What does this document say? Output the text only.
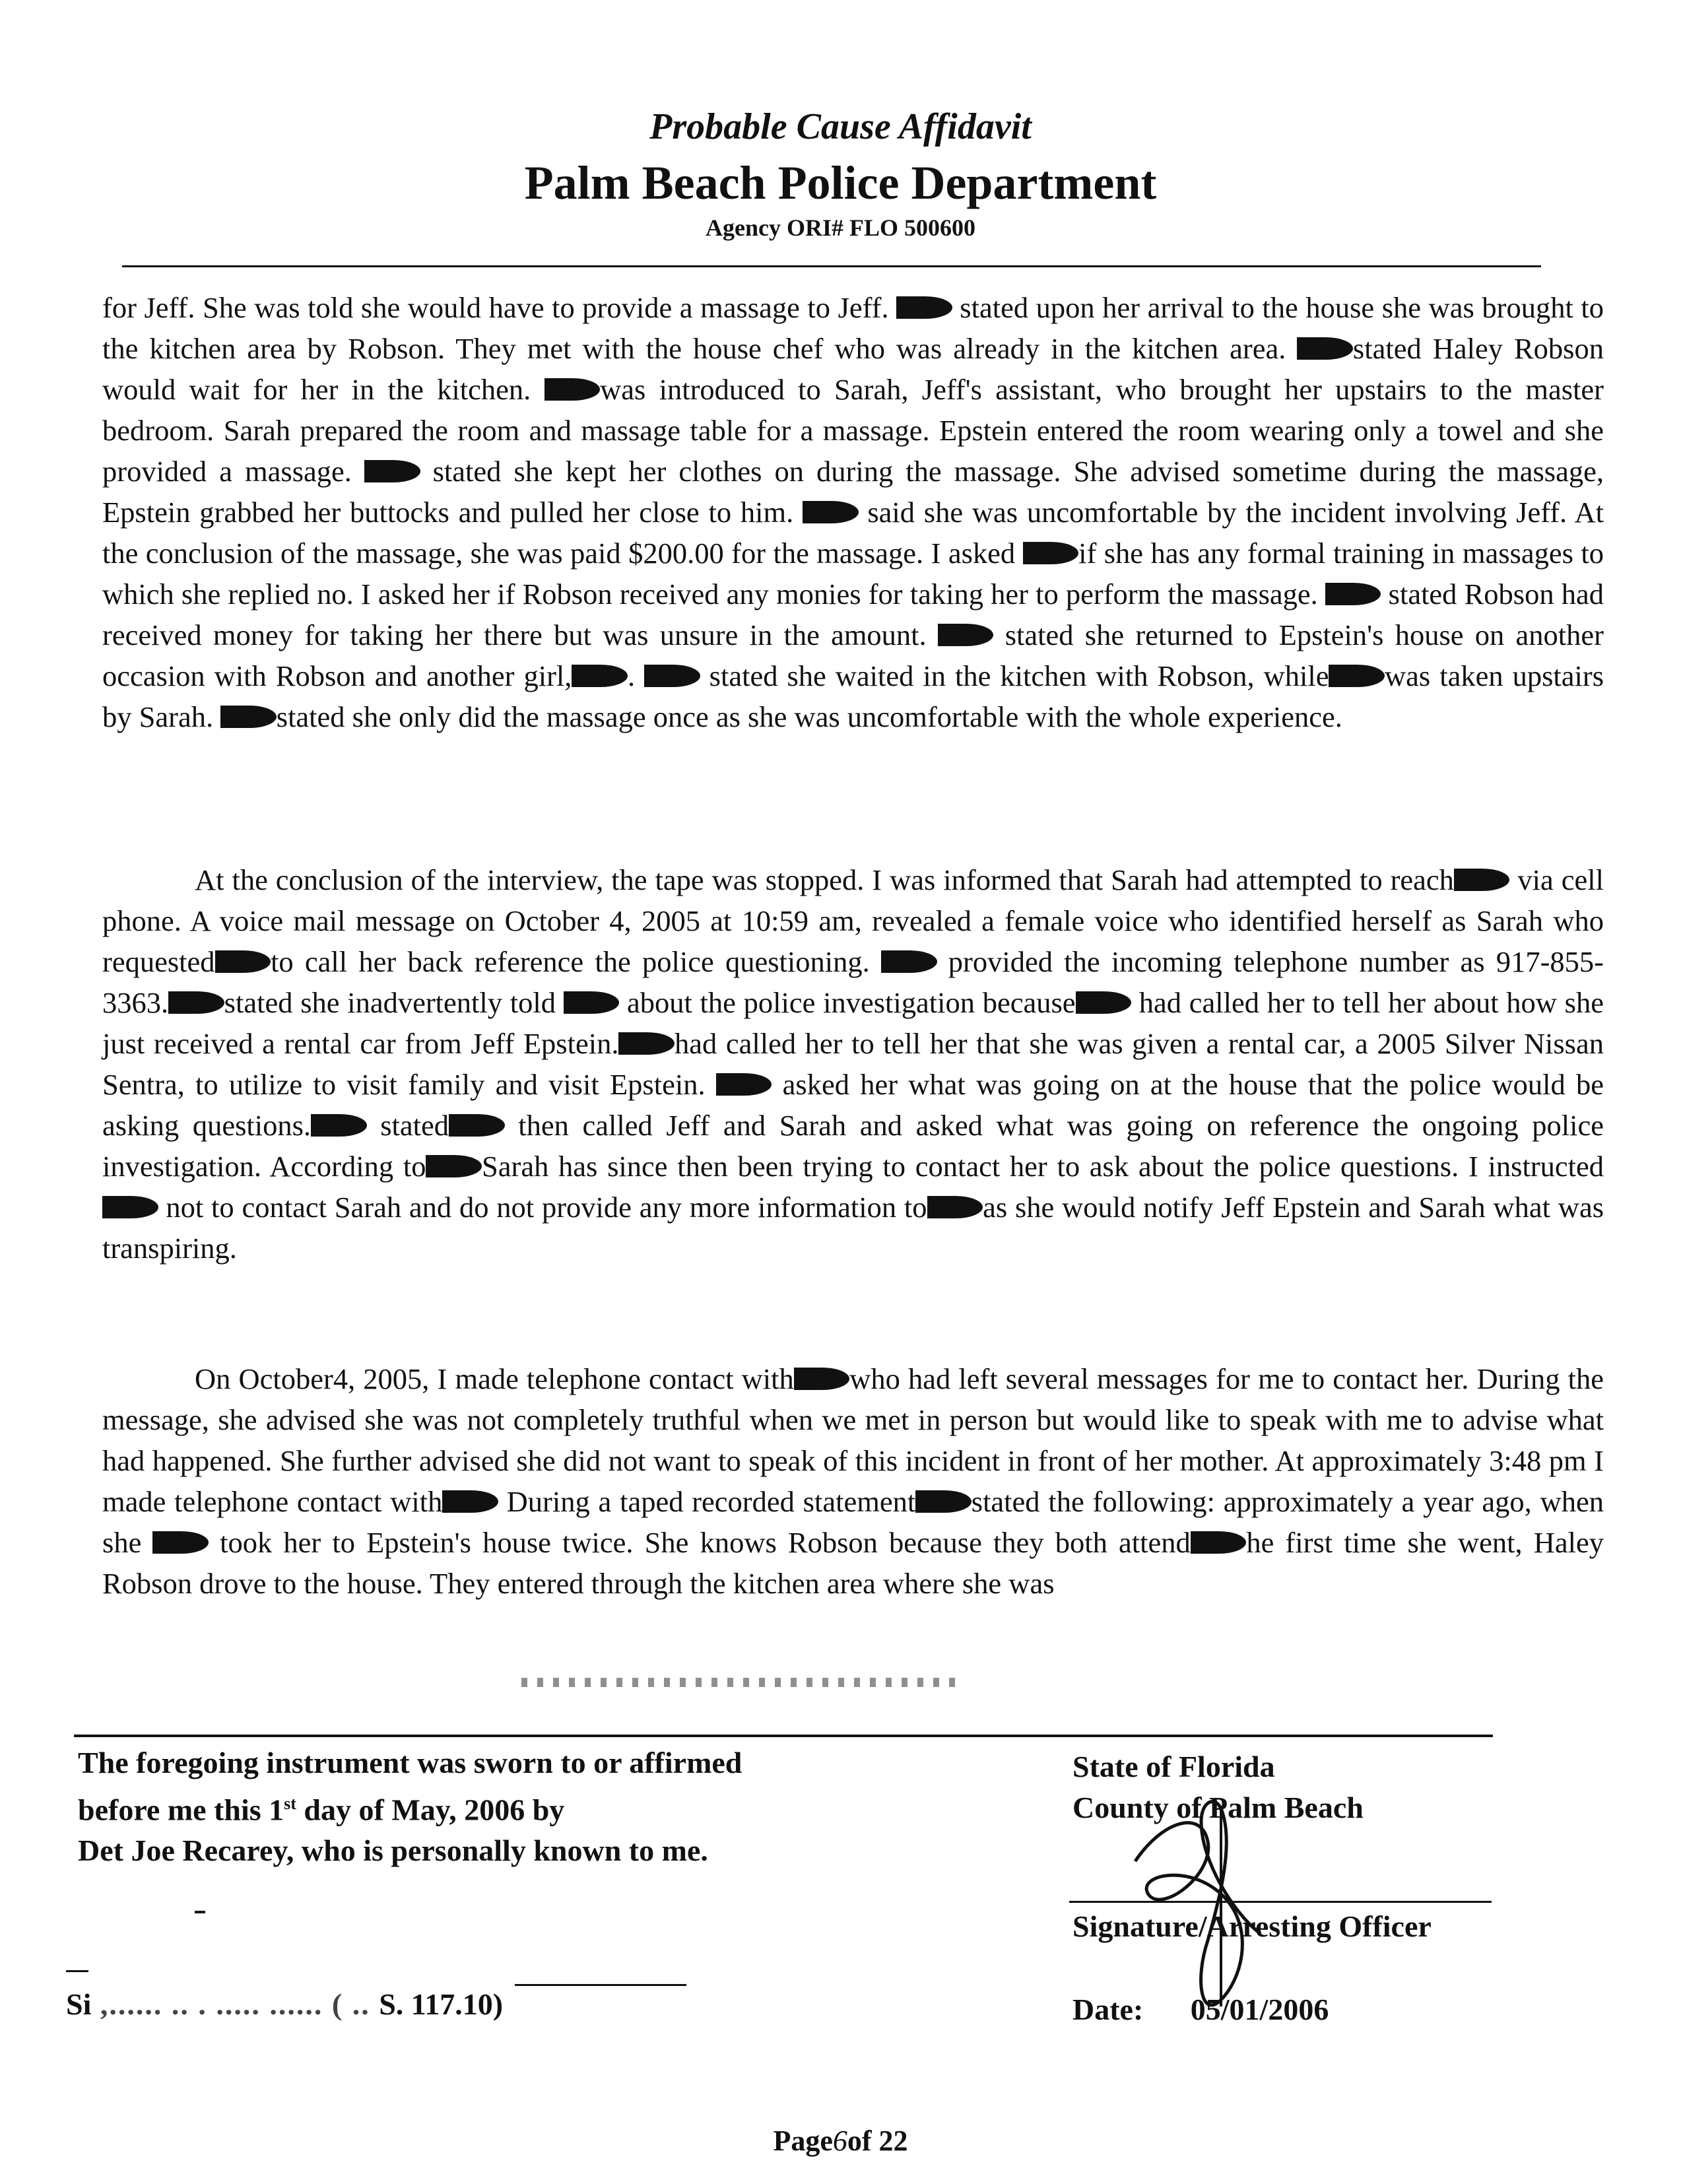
Probable Cause Affidavit
Palm Beach Police Department
Agency ORI# FLO 500600

for Jeff. She was told she would have to provide a massage to Jeff.  stated upon her arrival to the house she was brought to the kitchen area by Robson. They met with the house chef who was already in the kitchen area. stated Haley Robson would wait for her in the kitchen. was introduced to Sarah, Jeff's assistant, who brought her upstairs to the master bedroom. Sarah prepared the room and massage table for a massage. Epstein entered the room wearing only a towel and she provided a massage.  stated she kept her clothes on during the massage. She advised sometime during the massage, Epstein grabbed her buttocks and pulled her close to him.  said she was uncomfortable by the incident involving Jeff. At the conclusion of the massage, she was paid $200.00 for the massage. I asked if she has any formal training in massages to which she replied no. I asked her if Robson received any monies for taking her to perform the massage.  stated Robson had received money for taking her there but was unsure in the amount.  stated she returned to Epstein's house on another occasion with Robson and another girl, .  stated she waited in the kitchen with Robson, while was taken upstairs by Sarah. stated she only did the massage once as she was uncomfortable with the whole experience.

At the conclusion of the interview, the tape was stopped. I was informed that Sarah had attempted to reach via cell phone. A voice mail message on October 4, 2005 at 10:59 am, revealed a female voice who identified herself as Sarah who requested to call her back reference the police questioning.  provided the incoming telephone number as 917-855-3363. stated she inadvertently told  about the police investigation because had called her to tell her about how she just received a rental car from Jeff Epstein. had called her to tell her that she was given a rental car, a 2005 Silver Nissan Sentra, to utilize to visit family and visit Epstein.  asked her what was going on at the house that the police would be asking questions. stated then called Jeff and Sarah and asked what was going on reference the ongoing police investigation. According to Sarah has since then been trying to contact her to ask about the police questions. I instructed not to contact Sarah and do not provide any more information to as she would notify Jeff Epstein and Sarah what was transpiring.

On October4, 2005, I made telephone contact with who had left several messages for me to contact her. During the message, she advised she was not completely truthful when we met in person but would like to speak with me to advise what had happened. She further advised she did not want to speak of this incident in front of her mother. At approximately 3:48 pm I made telephone contact with During a taped recorded statement stated the following: approximately a year ago, when she  took her to Epstein's house twice. She knows Robson because they both attend he first time she went, Haley Robson drove to the house. They entered through the kitchen area where she was

The foregoing instrument was sworn to or affirmed
before me this 1st day of May, 2006 by
Det Joe Recarey, who is personally known to me.
Si ,...... .. . ..... ...... ( .. S. 117.10)
State of Florida
County of Palm Beach
Signature/Arresting Officer
Date: 05/01/2006
Page6of 22
